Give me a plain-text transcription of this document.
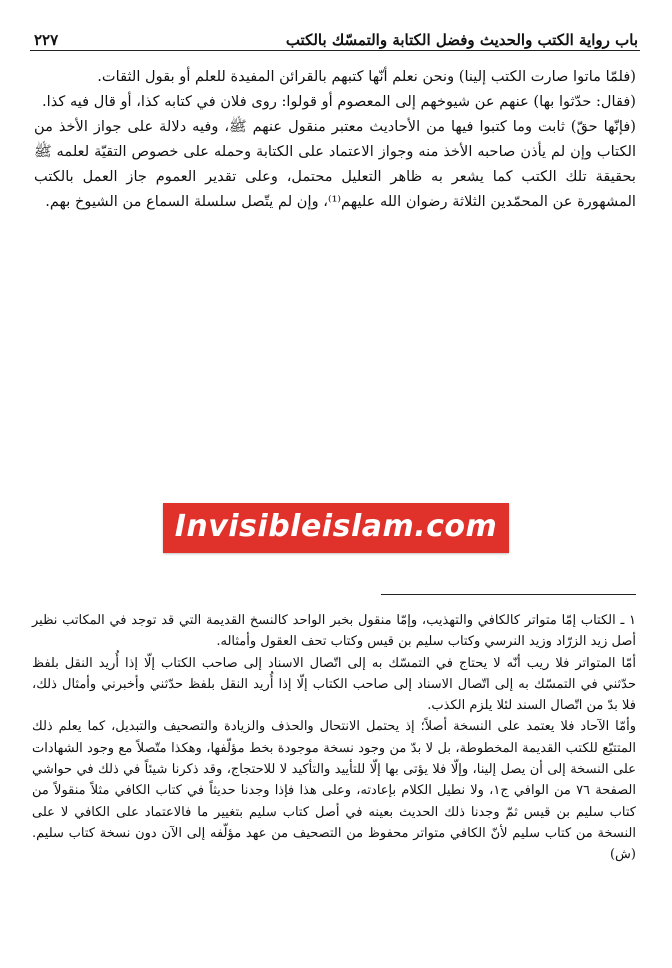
باب رواية الكتب والحديث وفضل الكتابة والتمسّك بالكتب
٢٢٧

(فلمّا ماتوا صارت الكتب إلينا) ونحن نعلم أنّها كتبهم بالقرائن المفيدة للعلم أو بقول الثقات.

(فقال: حدّثوا بها) عنهم عن شيوخهم إلى المعصوم أو قولوا: روى فلان في كتابه كذا، أو قال فيه كذا.

(فإنّها حقّ) ثابت وما كتبوا فيها من الأحاديث معتبر منقول عنهم ﷺ، وفيه دلالة على جواز الأخذ من الكتاب وإن لم يأذن صاحبه الأخذ منه وجواز الاعتماد على الكتابة وحمله على خصوص التقيّة لعلمه ﷺ بحقيقة تلك الكتب كما يشعر به ظاهر التعليل محتمل، وعلى تقدير العموم جاز العمل بالكتب المشهورة عن المحمّدين الثلاثة رضوان الله عليهم⁽¹⁾، وإن لم يتّصل سلسلة السماع من الشيوخ بهم.

Invisibleislam.com

١ ـ الكتاب إمّا متواتر كالكافي والتهذيب، وإمّا منقول بخبر الواحد كالنسخ القديمة التي قد توجد في المكاتب نظير أصل زيد الزرّاد وزيد النرسي وكتاب سليم بن قيس وكتاب تحف العقول وأمثاله.

أمّا المتواتر فلا ريب أنّه لا يحتاج في التمسّك به إلى اتّصال الاسناد إلى صاحب الكتاب إلّا إذا أُريد النقل بلفظ حدّثني في التمسّك به إلى اتّصال الاسناد إلى صاحب الكتاب إلّا إذا أُريد النقل بلفظ حدّثني وأخبرني وأمثال ذلك، فلا بدّ من اتّصال السند لئلا يلزم الكذب.

وأمّا الآحاد فلا يعتمد على النسخة أصلاً؛ إذ يحتمل الانتحال والحذف والزيادة والتصحيف والتبديل، كما يعلم ذلك المتتبّع للكتب القديمة المخطوطة، بل لا بدّ من وجود نسخة موجودة بخط مؤلّفها، وهكذا متّصلاً مع وجود الشهادات على النسخة إلى أن يصل إلينا، وإلّا فلا يؤتى بها إلّا للتأييد والتأكيد لا للاحتجاج، وقد ذكرنا شيئاً في ذلك في حواشي الصفحة ٧٦ من الوافي ج١، ولا نطيل الكلام بإعادته، وعلى هذا فإذا وجدنا حديثاً في كتاب الكافي مثلاً منقولاً من كتاب سليم بن قيس ثمّ وجدنا ذلك الحديث بعينه في أصل كتاب سليم بتغيير ما فالاعتماد على الكافي لا على النسخة من كتاب سليم لأنّ الكافي متواتر محفوظ من التصحيف من عهد مؤلّفه إلى الآن دون نسخة كتاب سليم. (ش)
